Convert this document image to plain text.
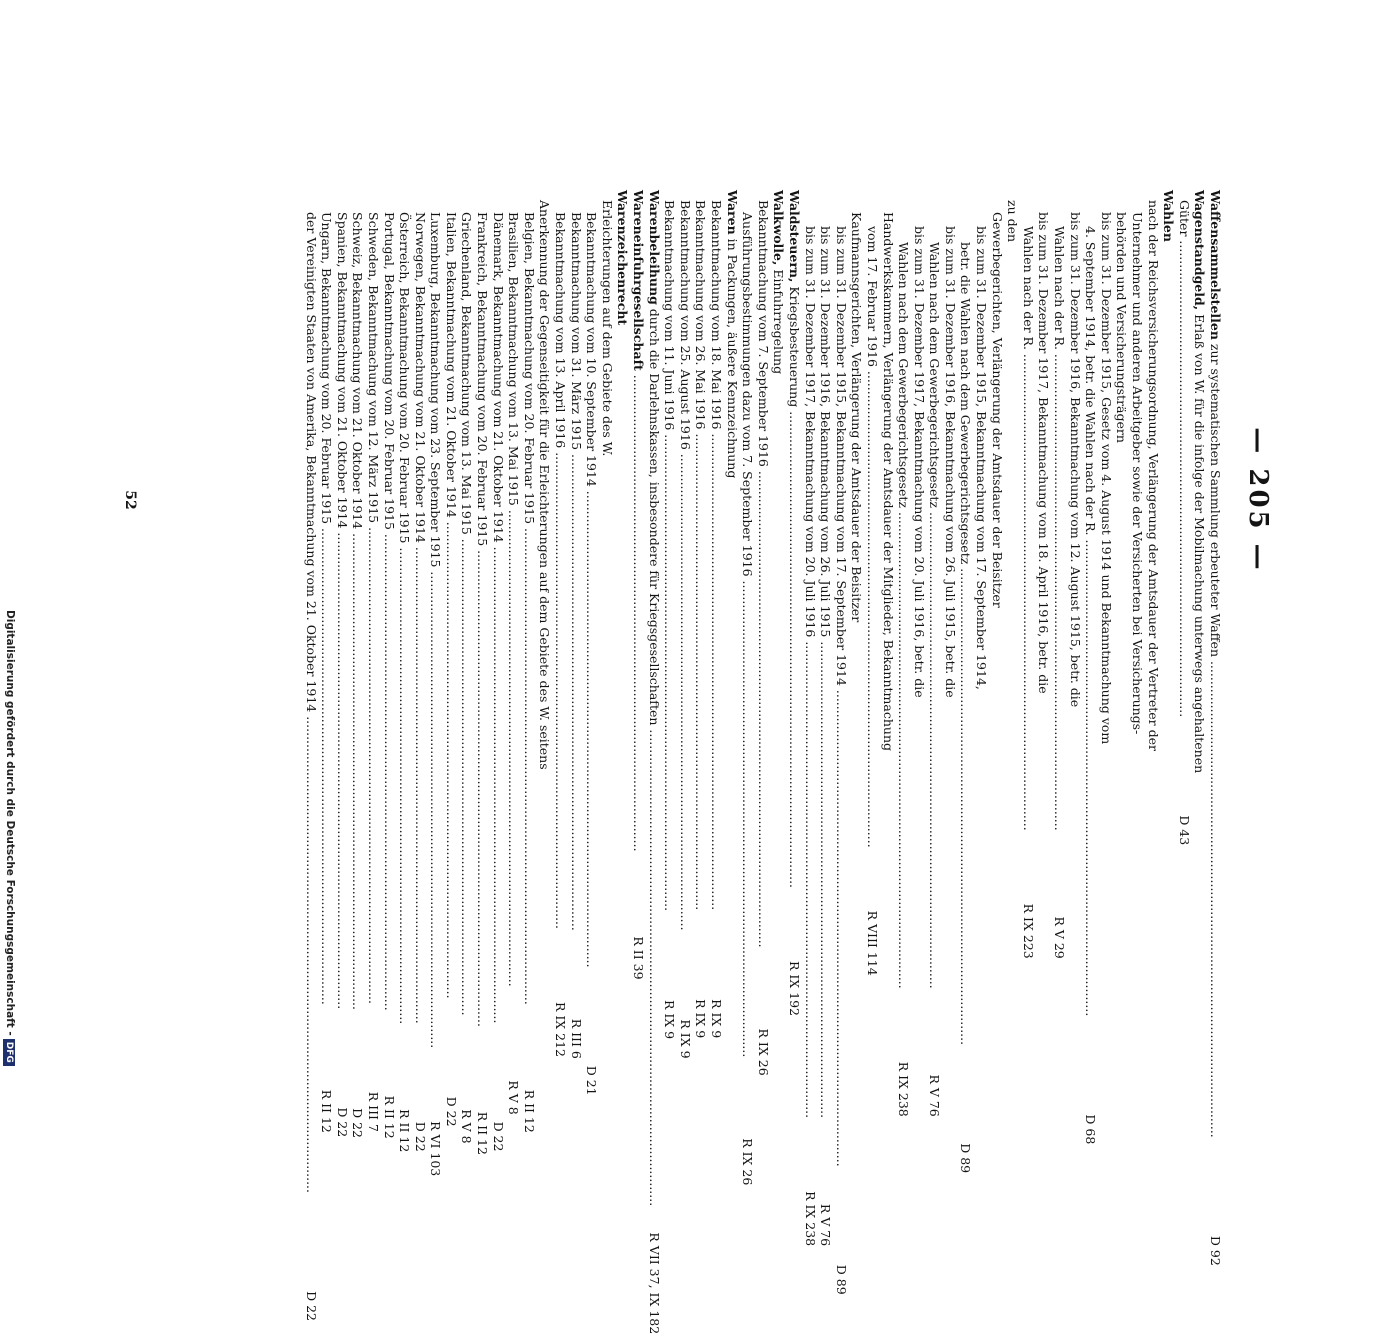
— 205 —
Waffensammelstellen zur systematischen Sammlung erbeuteter Waffen ........................................................................................................................
D 92
Wagenstandgeld, Erlaß von W. für die infolge der Mobilmachung unterwegs angehaltenen
Güter ........................................................................................................................
D 43
Wahlen
nach der Reichsversicherungsordnung, Verlängerung der Amtsdauer der Vertreter der
Unternehmer und anderen Arbeitgeber sowie der Versicherten bei Versicherungs-
behörden und Versicherungsträgern
bis zum 31. Dezember 1915, Gesetz vom 4. August 1914 und Bekanntmachung vom
4. September 1914, betr. die Wahlen nach der R. ........................................................................................................................
D 68
bis zum 31. Dezember 1916, Bekanntmachung vom 12. August 1915, betr. die
Wahlen nach der R. ........................................................................................................................
R V 29
bis zum 31. Dezember 1917, Bekanntmachung vom 18. April 1916, betr. die
Wahlen nach der R. ........................................................................................................................
R IX 223
zu den
Gewerbegerichten, Verlängerung der Amtsdauer der Beisitzer
bis zum 31. Dezember 1915, Bekanntmachung vom 17. September 1914,
betr. die Wahlen nach dem Gewerbegerichtsgesetz ........................................................................................................................
D 89
bis zum 31. Dezember 1916, Bekanntmachung vom 26. Juli 1915, betr. die
Wahlen nach dem Gewerbegerichtsgesetz ........................................................................................................................
R V 76
bis zum 31. Dezember 1917, Bekanntmachung vom 20. Juli 1916, betr. die
Wahlen nach dem Gewerbegerichtsgesetz ........................................................................................................................
R IX 238
Handwerkskammern, Verlängerung der Amtsdauer der Mitglieder, Bekanntmachung
vom 17. Februar 1916 ........................................................................................................................
R VIII 114
Kaufmannsgerichten, Verlängerung der Amtsdauer der Beisitzer
bis zum 31. Dezember 1915, Bekanntmachung vom 17. September 1914 ........................................................................................................................
D 89
bis zum 31. Dezember 1916, Bekanntmachung vom 26. Juli 1915 ........................................................................................................................
R V 76
bis zum 31. Dezember 1917, Bekanntmachung vom 20. Juli 1916 ........................................................................................................................
R IX 238
Waldsteuern, Kriegsbesteuerung ........................................................................................................................
R IX 192
Walkwolle, Einfuhrregelung
Bekanntmachung vom 7. September 1916 ........................................................................................................................
R IX 26
Ausführungsbestimmungen dazu vom 7. September 1916 ........................................................................................................................
R IX 26
Waren in Packungen, äußere Kennzeichnung
Bekanntmachung vom 18. Mai 1916 ........................................................................................................................
R IX 9
Bekanntmachung vom 26. Mai 1916 ........................................................................................................................
R IX 9
Bekanntmachung vom 25. August 1916 ........................................................................................................................
R IX 9
Bekanntmachung vom 11. Juni 1916 ........................................................................................................................
R IX 9
Warenbeleihung durch die Darlehnskassen, insbesondere für Kriegsgesellschaften ........................................................................................................................
R VII 37, IX 182
Wareneinfuhrgesellschaft ........................................................................................................................
R II 39
Warenzeichenrecht
Erleichterungen auf dem Gebiete des W.
Bekanntmachung vom 10. September 1914 ........................................................................................................................
D 21
Bekanntmachung vom 31. März 1915 ........................................................................................................................
R III 6
Bekanntmachung vom 13. April 1916 ........................................................................................................................
R IX 212
Anerkennung der Gegenseitigkeit für die Erleichterungen auf dem Gebiete des W. seitens
Belgien, Bekanntmachung vom 20. Februar 1915 ........................................................................................................................
R II 12
Brasilien, Bekanntmachung vom 13. Mai 1915 ........................................................................................................................
R V 8
Dänemark, Bekanntmachung vom 21. Oktober 1914 ........................................................................................................................
D 22
Frankreich, Bekanntmachung vom 20. Februar 1915 ........................................................................................................................
R II 12
Griechenland, Bekanntmachung vom 13. Mai 1915 ........................................................................................................................
R V 8
Italien, Bekanntmachung vom 21. Oktober 1914 ........................................................................................................................
D 22
Luxemburg, Bekanntmachung vom 23. September 1915 ........................................................................................................................
R VI 103
Norwegen, Bekanntmachung vom 21. Oktober 1914 ........................................................................................................................
D 22
Österreich, Bekanntmachung vom 20. Februar 1915 ........................................................................................................................
R II 12
Portugal, Bekanntmachung vom 20. Februar 1915 ........................................................................................................................
R II 12
Schweden, Bekanntmachung vom 12. März 1915 ........................................................................................................................
R III 7
Schweiz, Bekanntmachung vom 21. Oktober 1914 ........................................................................................................................
D 22
Spanien, Bekanntmachung vom 21. Oktober 1914 ........................................................................................................................
D 22
Ungarn, Bekanntmachung vom 20. Februar 1915 ........................................................................................................................
R II 12
der Vereinigten Staaten von Amerika, Bekanntmachung vom 21. Oktober 1914 ........................................................................................................................
D 22
52
Digitalisierung gefördert durch die Deutsche Forschungsgemeinschaft -DFG
